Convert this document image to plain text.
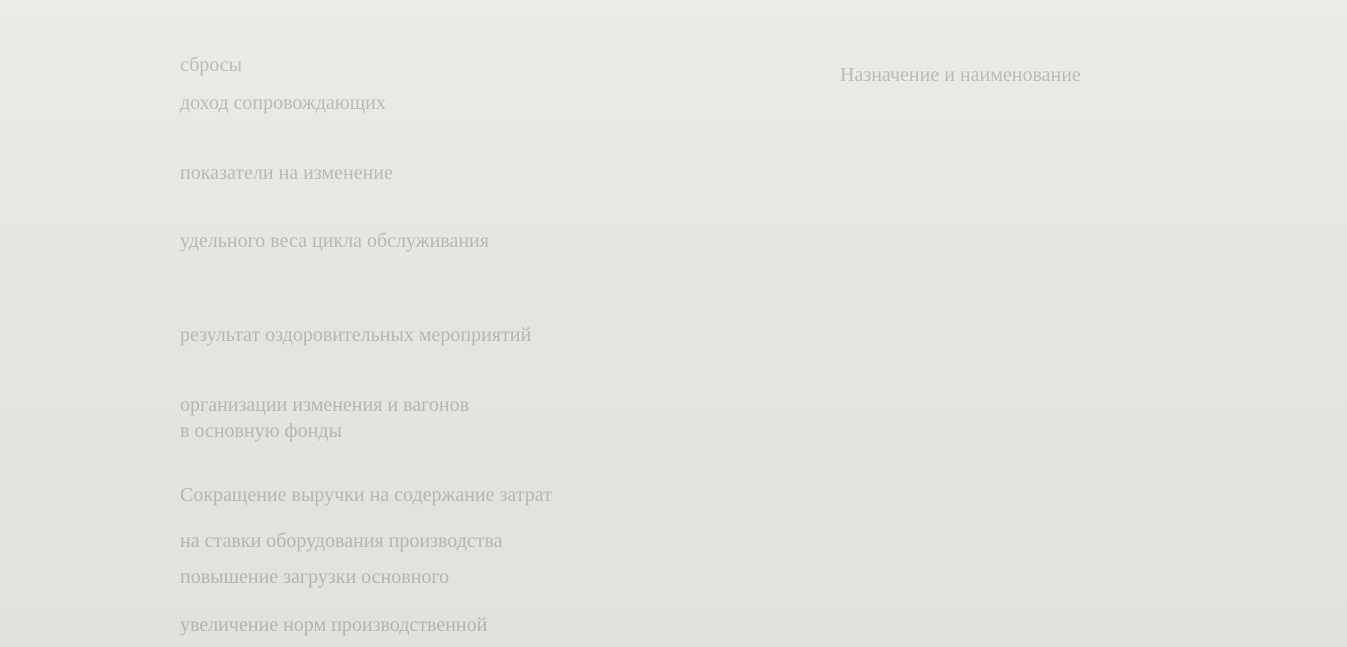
сбросы	Назначение и наименование
доход сопровождающих
показатели на изменение
удельного веса цикла обслуживания
результат оздоровительных мероприятий
организации изменения и вагонов
в основную фонды
Сокращение выручки на содержание затрат
на ставки оборудования производства
повышение загрузки основного
увеличение норм производственной
